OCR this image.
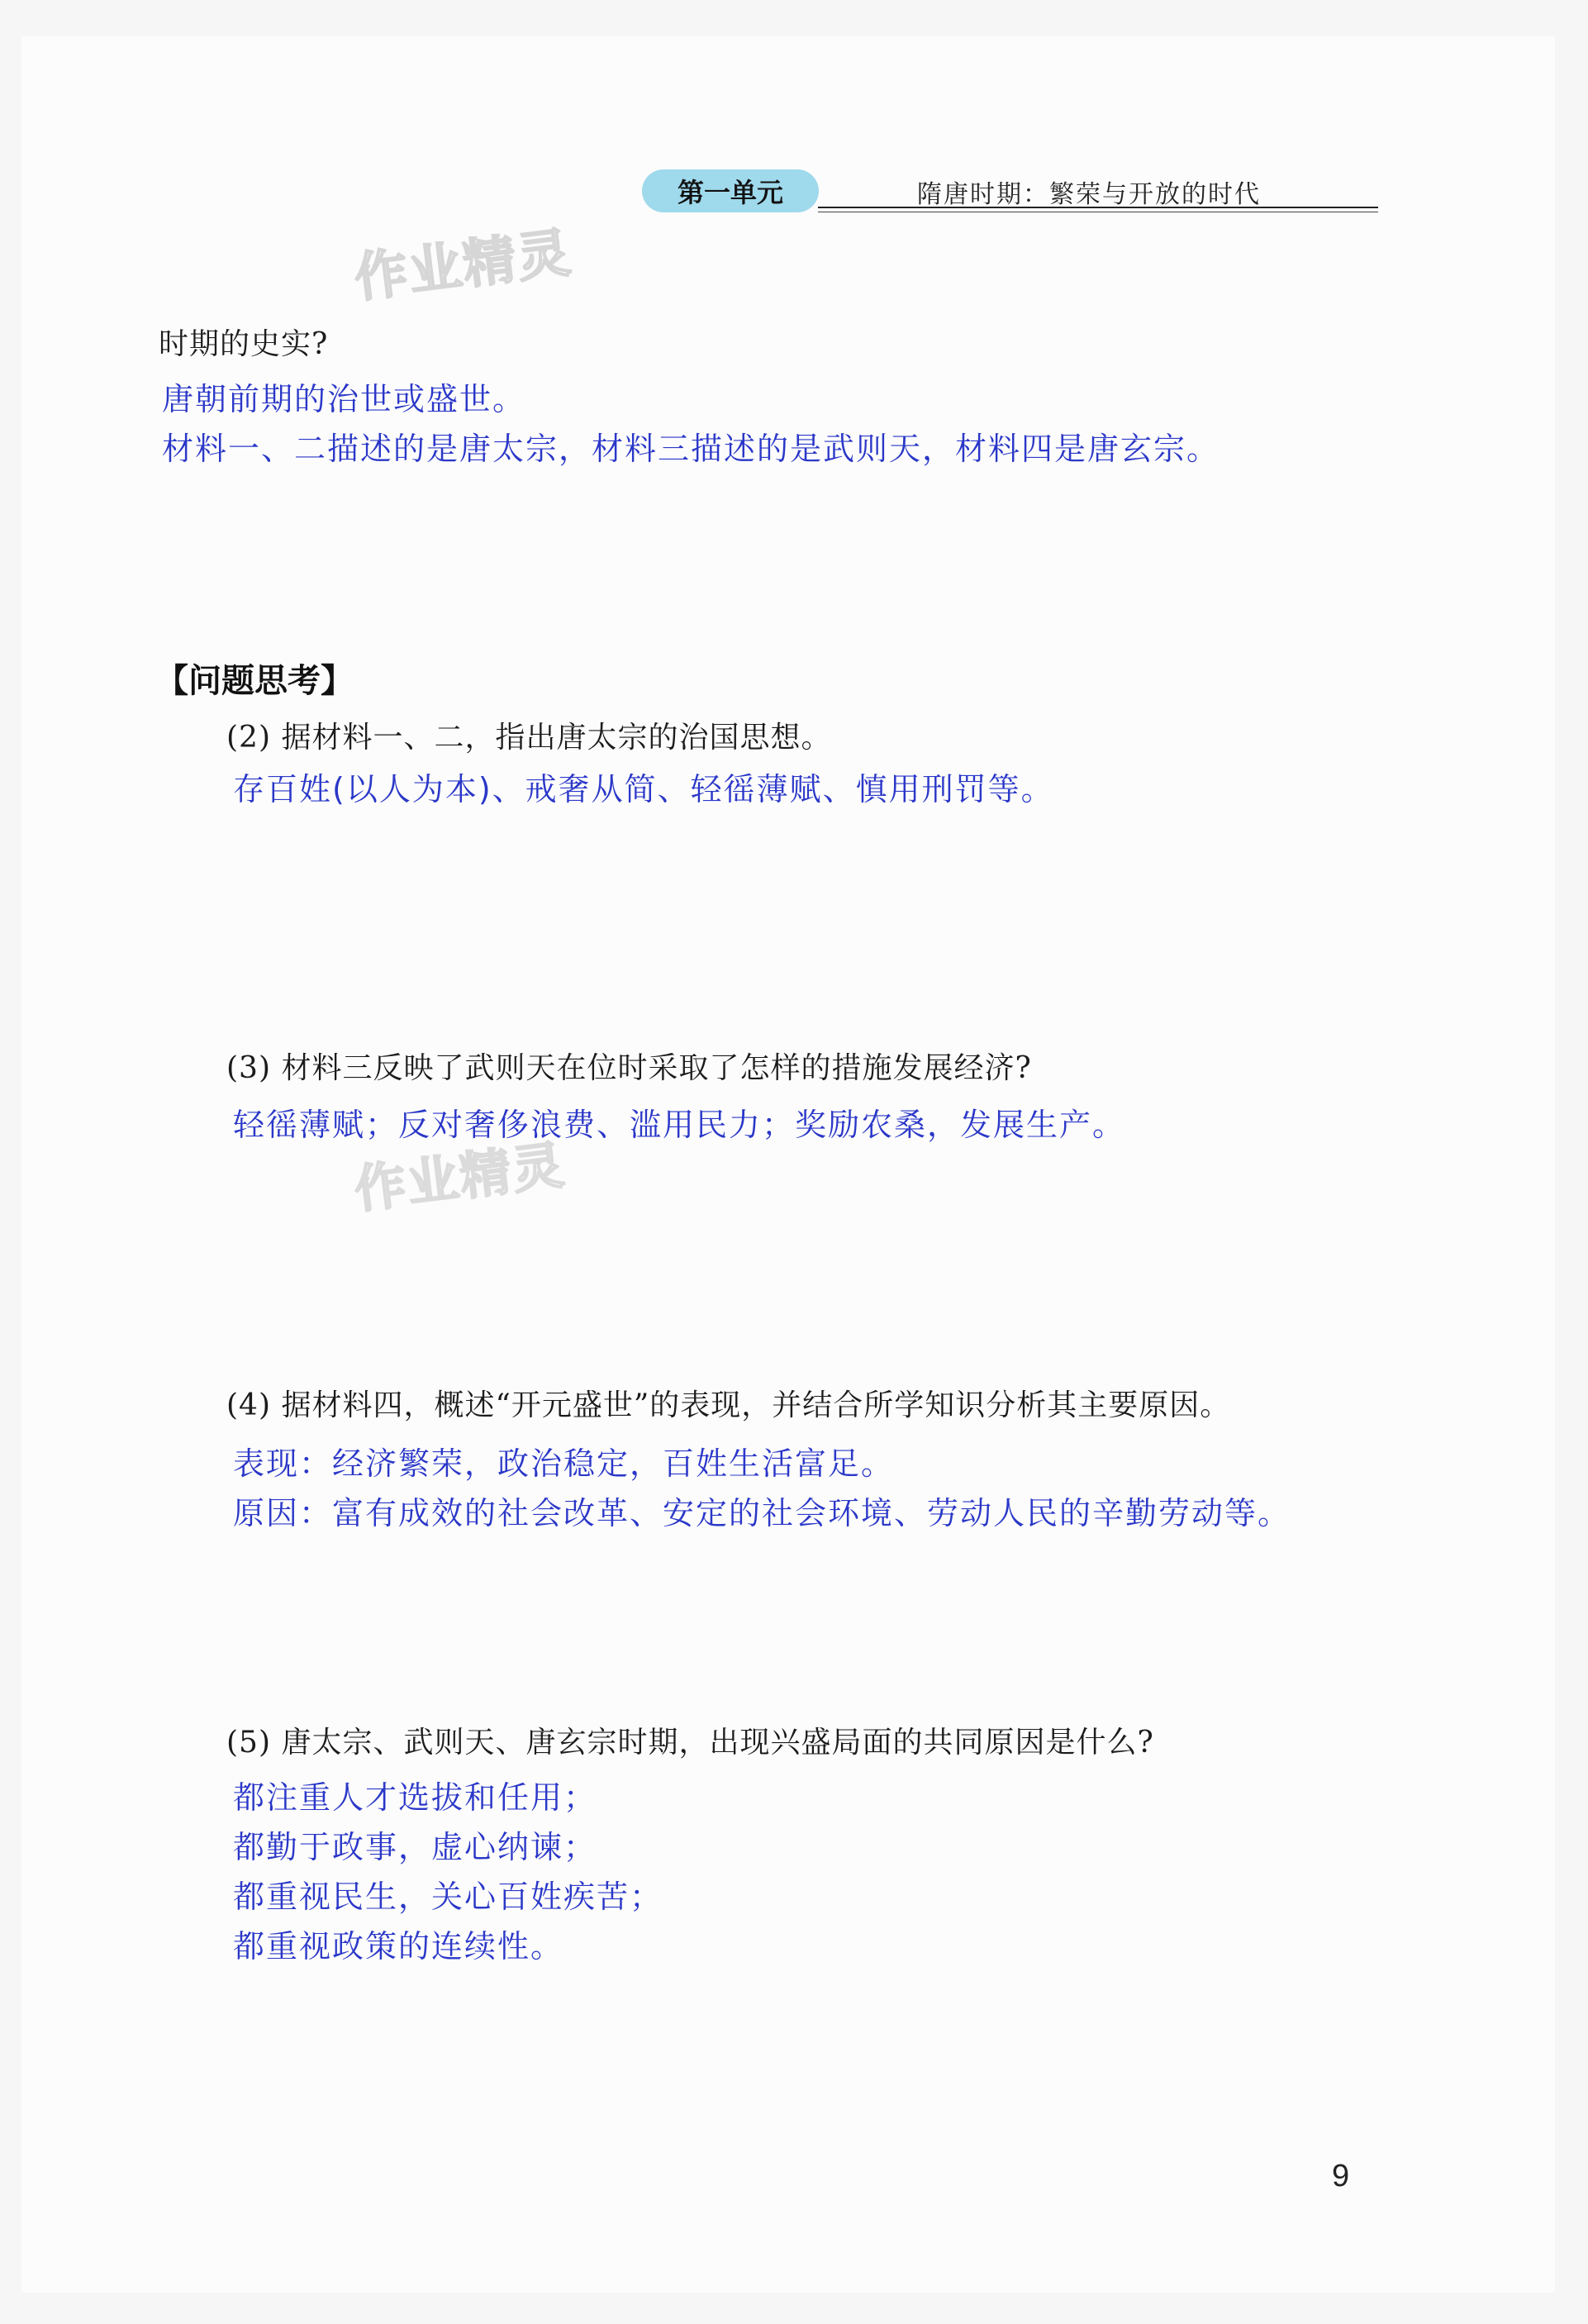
第一单元	隋唐时期：繁荣与开放的时代
作业精灵
作业精灵
时期的史实?
唐朝前期的治世或盛世。
材料一、二描述的是唐太宗，材料三描述的是武则天，材料四是唐玄宗。
【问题思考】
(2) 据材料一、二，指出唐太宗的治国思想。
存百姓(以人为本)、戒奢从简、轻徭薄赋、慎用刑罚等。
(3) 材料三反映了武则天在位时采取了怎样的措施发展经济?
轻徭薄赋；反对奢侈浪费、滥用民力；奖励农桑，发展生产。
(4) 据材料四，概述“开元盛世”的表现，并结合所学知识分析其主要原因。
表现：经济繁荣，政治稳定，百姓生活富足。
原因：富有成效的社会改革、安定的社会环境、劳动人民的辛勤劳动等。
(5) 唐太宗、武则天、唐玄宗时期，出现兴盛局面的共同原因是什么?
都注重人才选拔和任用；
都勤于政事，虚心纳谏；
都重视民生，关心百姓疾苦；
都重视政策的连续性。
9
